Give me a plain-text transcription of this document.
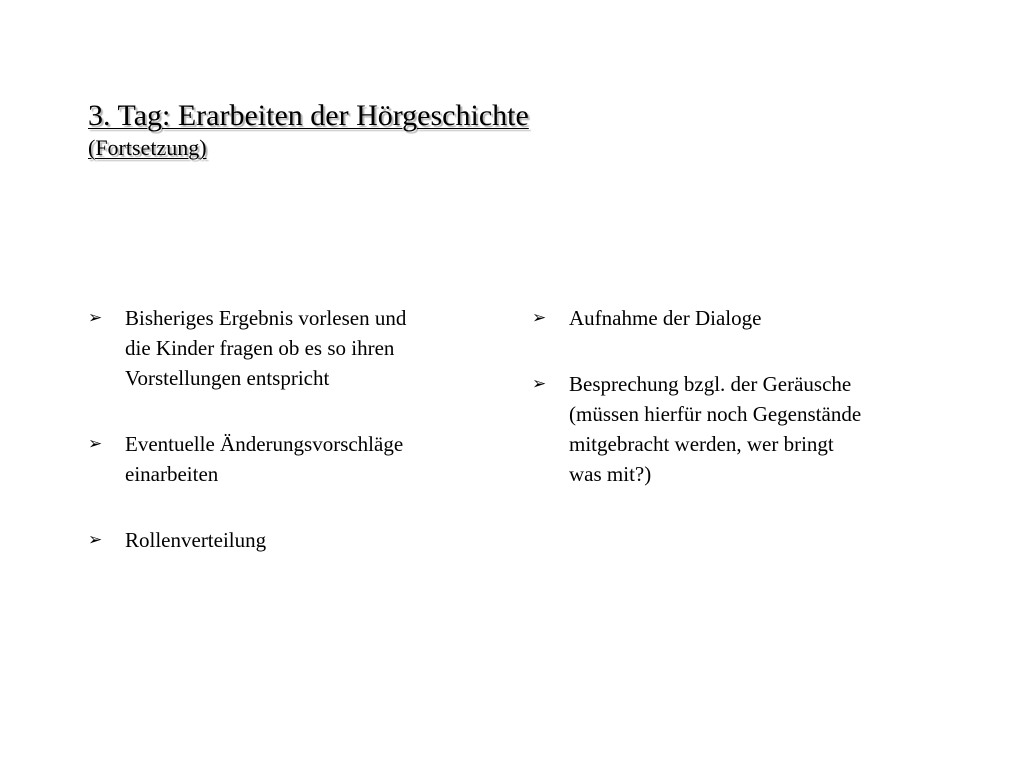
3. Tag: Erarbeiten der Hörgeschichte

(Fortsetzung)

➢	Bisheriges Ergebnis vorlesen und
die Kinder fragen ob es so ihren
Vorstellungen entspricht
➢	Eventuelle Änderungsvorschläge
einarbeiten
➢	Rollenverteilung
➢	Aufnahme der Dialoge
➢	Besprechung bzgl. der Geräusche
(müssen hierfür noch Gegenstände
mitgebracht werden, wer bringt
was mit?)
